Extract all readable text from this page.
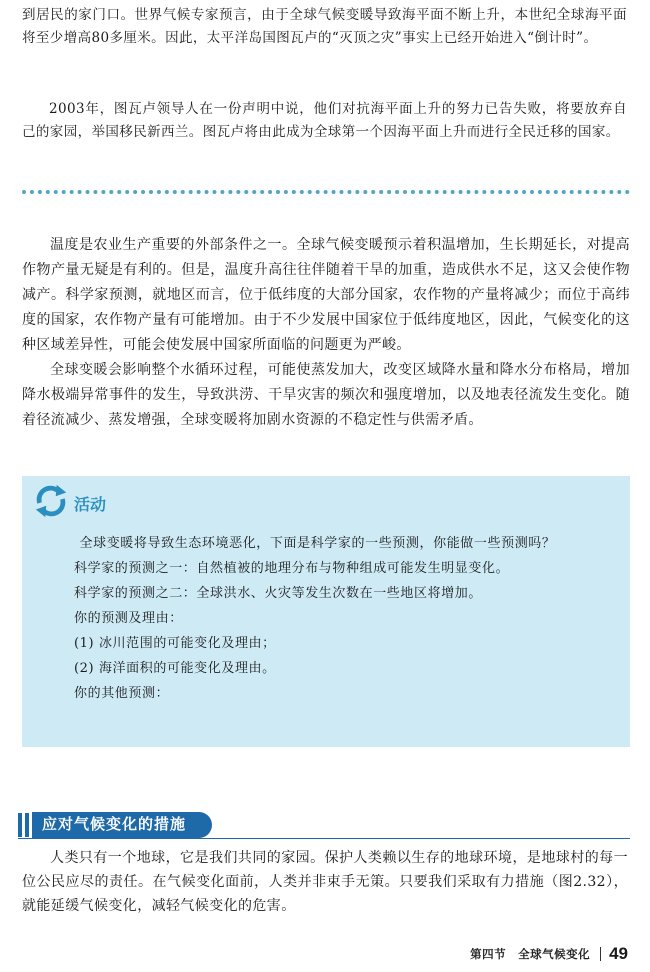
到居民的家门口。世界气候专家预言，由于全球气候变暖导致海平面不断上升，本世纪全球海平面将至少增高80多厘米。因此，太平洋岛国图瓦卢的“灭顶之灾”事实上已经开始进入“倒计时”。

2003年，图瓦卢领导人在一份声明中说，他们对抗海平面上升的努力已告失败，将要放弃自己的家园，举国移民新西兰。图瓦卢将由此成为全球第一个因海平面上升而进行全民迁移的国家。

温度是农业生产重要的外部条件之一。全球气候变暖预示着积温增加，生长期延长，对提高作物产量无疑是有利的。但是，温度升高往往伴随着干旱的加重，造成供水不足，这又会使作物减产。科学家预测，就地区而言，位于低纬度的大部分国家，农作物的产量将减少；而位于高纬度的国家，农作物产量有可能增加。由于不少发展中国家位于低纬度地区，因此，气候变化的这种区域差异性，可能会使发展中国家所面临的问题更为严峻。

全球变暖会影响整个水循环过程，可能使蒸发加大，改变区域降水量和降水分布格局，增加降水极端异常事件的发生，导致洪涝、干旱灾害的频次和强度增加，以及地表径流发生变化。随着径流减少、蒸发增强，全球变暖将加剧水资源的不稳定性与供需矛盾。

活动

全球变暖将导致生态环境恶化，下面是科学家的一些预测，你能做一些预测吗？

科学家的预测之一：自然植被的地理分布与物种组成可能发生明显变化。

科学家的预测之二：全球洪水、火灾等发生次数在一些地区将增加。

你的预测及理由：

(1) 冰川范围的可能变化及理由；

(2) 海洋面积的可能变化及理由。

你的其他预测：

应对气候变化的措施

人类只有一个地球，它是我们共同的家园。保护人类赖以生存的地球环境，是地球村的每一位公民应尽的责任。在气候变化面前，人类并非束手无策。只要我们采取有力措施（图2.32），就能延缓气候变化，减轻气候变化的危害。

第四节　全球气候变化 49
